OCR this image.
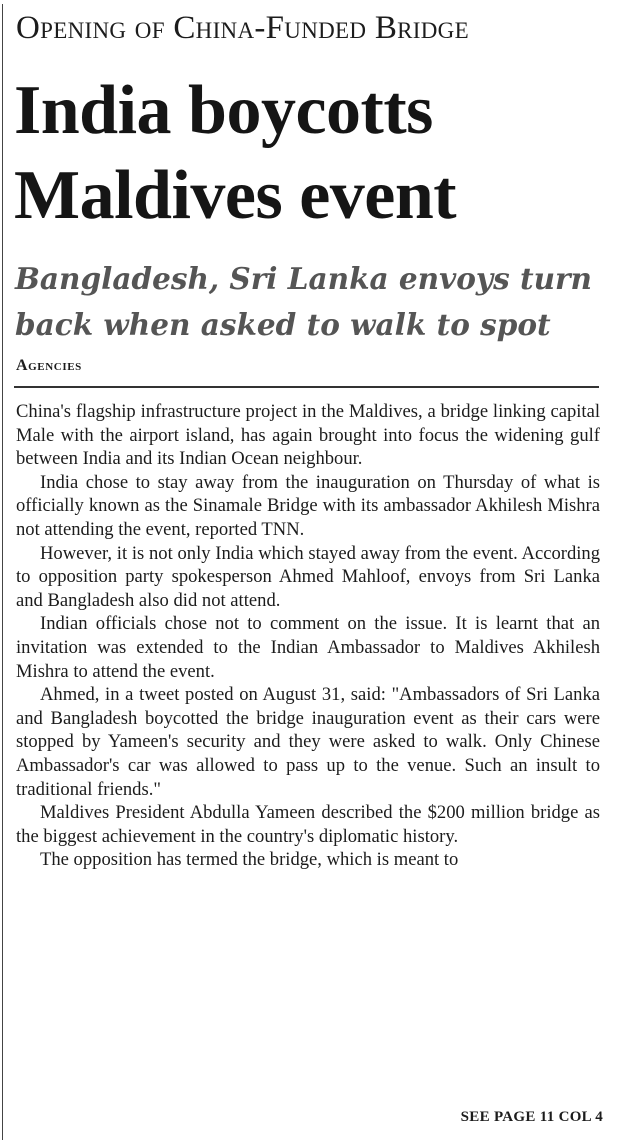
Opening of China-Funded Bridge
India boycotts Maldives event
Bangladesh, Sri Lanka envoys turn back when asked to walk to spot
Agencies

China's flagship infrastructure project in the Maldives, a bridge linking capital Male with the airport island, has again brought into focus the widening gulf between India and its Indian Ocean neighbour.

India chose to stay away from the inauguration on Thursday of what is officially known as the Sinamale Bridge with its ambassador Akhilesh Mishra not attending the event, reported TNN.

However, it is not only India which stayed away from the event. According to opposition party spokesperson Ahmed Mahloof, envoys from Sri Lanka and Bangladesh also did not attend.

Indian officials chose not to comment on the issue. It is learnt that an invitation was extended to the Indian Ambassador to Maldives Akhilesh Mishra to attend the event.

Ahmed, in a tweet posted on August 31, said: "Ambassadors of Sri Lanka and Bangladesh boycotted the bridge inauguration event as their cars were stopped by Yameen's security and they were asked to walk. Only Chinese Ambassador's car was allowed to pass up to the venue. Such an insult to traditional friends."

Maldives President Abdulla Yameen described the $200 million bridge as the biggest achievement in the country's diplomatic history.

The opposition has termed the bridge, which is meant to

SEE PAGE 11 COL 4
